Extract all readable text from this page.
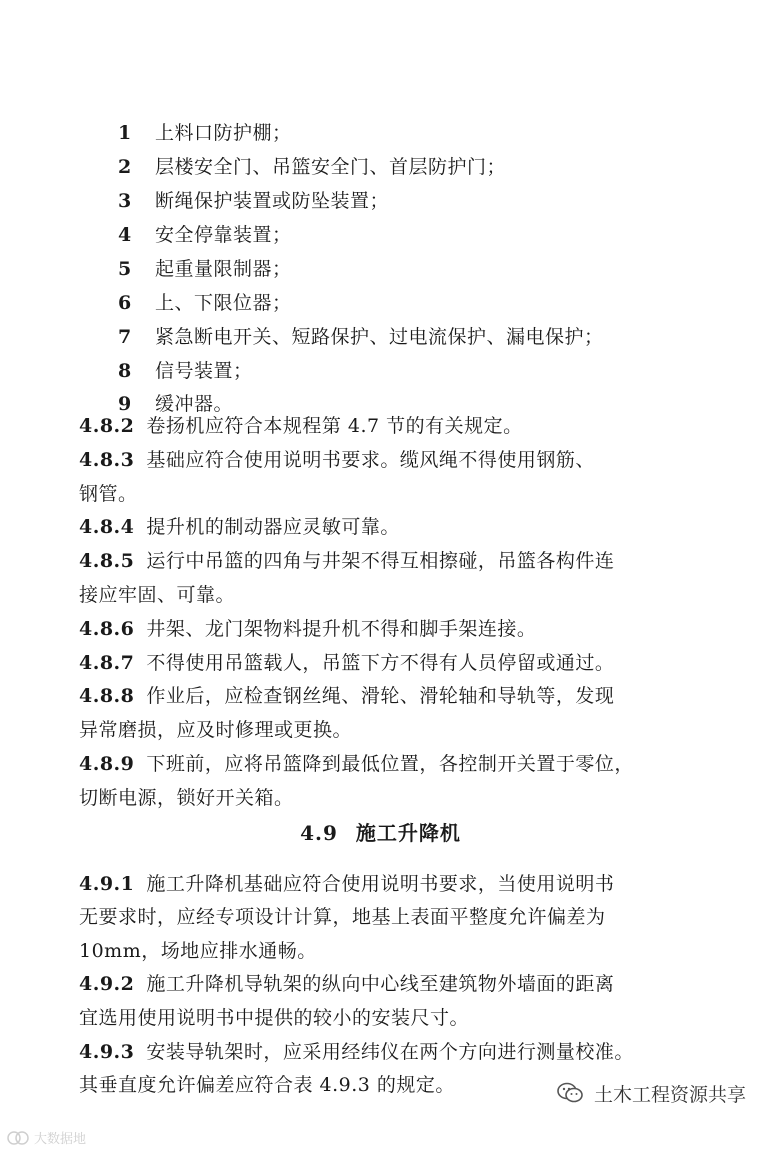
1 上料口防护棚；
2 层楼安全门、吊篮安全门、首层防护门；
3 断绳保护装置或防坠装置；
4 安全停靠装置；
5 起重量限制器；
6 上、下限位器；
7 紧急断电开关、短路保护、过电流保护、漏电保护；
8 信号装置；
9 缓冲器。
4.8.2 卷扬机应符合本规程第 4.7 节的有关规定。
4.8.3 基础应符合使用说明书要求。缆风绳不得使用钢筋、
钢管。
4.8.4 提升机的制动器应灵敏可靠。
4.8.5 运行中吊篮的四角与井架不得互相擦碰，吊篮各构件连
接应牢固、可靠。
4.8.6 井架、龙门架物料提升机不得和脚手架连接。
4.8.7 不得使用吊篮载人，吊篮下方不得有人员停留或通过。
4.8.8 作业后，应检查钢丝绳、滑轮、滑轮轴和导轨等，发现
异常磨损，应及时修理或更换。
4.8.9 下班前，应将吊篮降到最低位置，各控制开关置于零位，
切断电源，锁好开关箱。
4.9 施工升降机
4.9.1 施工升降机基础应符合使用说明书要求，当使用说明书
无要求时，应经专项设计计算，地基上表面平整度允许偏差为
10mm，场地应排水通畅。
4.9.2 施工升降机导轨架的纵向中心线至建筑物外墙面的距离
宜选用使用说明书中提供的较小的安装尺寸。
4.9.3 安装导轨架时，应采用经纬仪在两个方向进行测量校准。
其垂直度允许偏差应符合表 4.9.3 的规定。	土木工程资源共享
大数据地
